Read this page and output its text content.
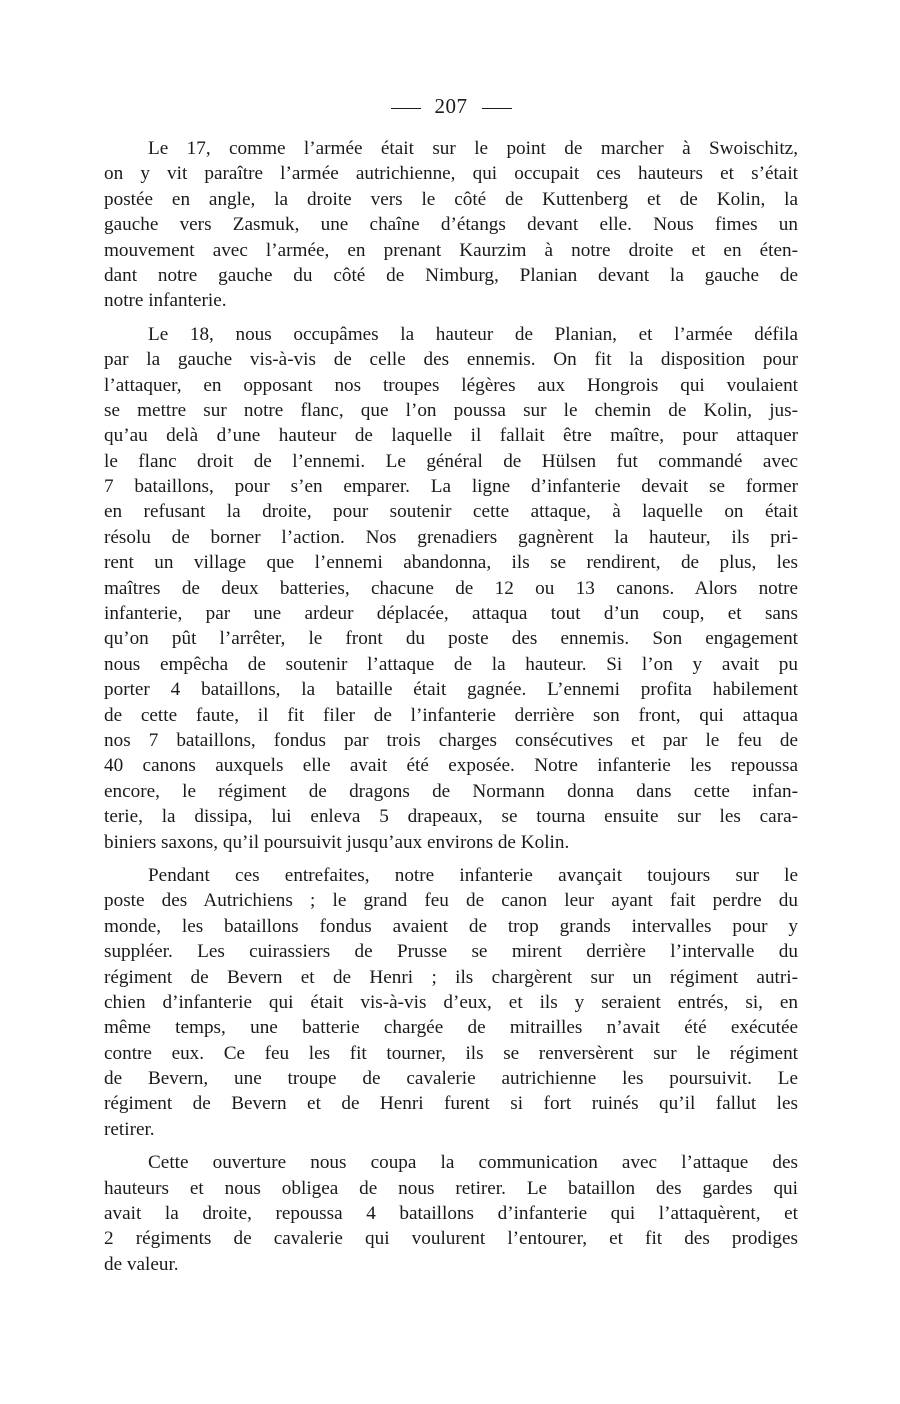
207

Le 17, comme l’armée était sur le point de marcher à Swoischitz,
on y vit paraître l’armée autrichienne, qui occupait ces hauteurs et s’était
postée en angle, la droite vers le côté de Kuttenberg et de Kolin, la
gauche vers Zasmuk, une chaîne d’étangs devant elle. Nous fimes un
mouvement avec l’armée, en prenant Kaurzim à notre droite et en éten-
dant notre gauche du côté de Nimburg, Planian devant la gauche de
notre infanterie.

Le 18, nous occupâmes la hauteur de Planian, et l’armée défila
par la gauche vis-à-vis de celle des ennemis. On fit la disposition pour
l’attaquer, en opposant nos troupes légères aux Hongrois qui voulaient
se mettre sur notre flanc, que l’on poussa sur le chemin de Kolin, jus-
qu’au delà d’une hauteur de laquelle il fallait être maître, pour attaquer
le flanc droit de l’ennemi. Le général de Hülsen fut commandé avec
7 bataillons, pour s’en emparer. La ligne d’infanterie devait se former
en refusant la droite, pour soutenir cette attaque, à laquelle on était
résolu de borner l’action. Nos grenadiers gagnèrent la hauteur, ils pri-
rent un village que l’ennemi abandonna, ils se rendirent, de plus, les
maîtres de deux batteries, chacune de 12 ou 13 canons. Alors notre
infanterie, par une ardeur déplacée, attaqua tout d’un coup, et sans
qu’on pût l’arrêter, le front du poste des ennemis. Son engagement
nous empêcha de soutenir l’attaque de la hauteur. Si l’on y avait pu
porter 4 bataillons, la bataille était gagnée. L’ennemi profita habilement
de cette faute, il fit filer de l’infanterie derrière son front, qui attaqua
nos 7 bataillons, fondus par trois charges consécutives et par le feu de
40 canons auxquels elle avait été exposée. Notre infanterie les repoussa
encore, le régiment de dragons de Normann donna dans cette infan-
terie, la dissipa, lui enleva 5 drapeaux, se tourna ensuite sur les cara-
biniers saxons, qu’il poursuivit jusqu’aux environs de Kolin.

Pendant ces entrefaites, notre infanterie avançait toujours sur le
poste des Autrichiens ; le grand feu de canon leur ayant fait perdre du
monde, les bataillons fondus avaient de trop grands intervalles pour y
suppléer. Les cuirassiers de Prusse se mirent derrière l’intervalle du
régiment de Bevern et de Henri ; ils chargèrent sur un régiment autri-
chien d’infanterie qui était vis-à-vis d’eux, et ils y seraient entrés, si, en
même temps, une batterie chargée de mitrailles n’avait été exécutée
contre eux. Ce feu les fit tourner, ils se renversèrent sur le régiment
de Bevern, une troupe de cavalerie autrichienne les poursuivit. Le
régiment de Bevern et de Henri furent si fort ruinés qu’il fallut les
retirer.

Cette ouverture nous coupa la communication avec l’attaque des
hauteurs et nous obligea de nous retirer. Le bataillon des gardes qui
avait la droite, repoussa 4 bataillons d’infanterie qui l’attaquèrent, et
2 régiments de cavalerie qui voulurent l’entourer, et fit des prodiges
de valeur.
